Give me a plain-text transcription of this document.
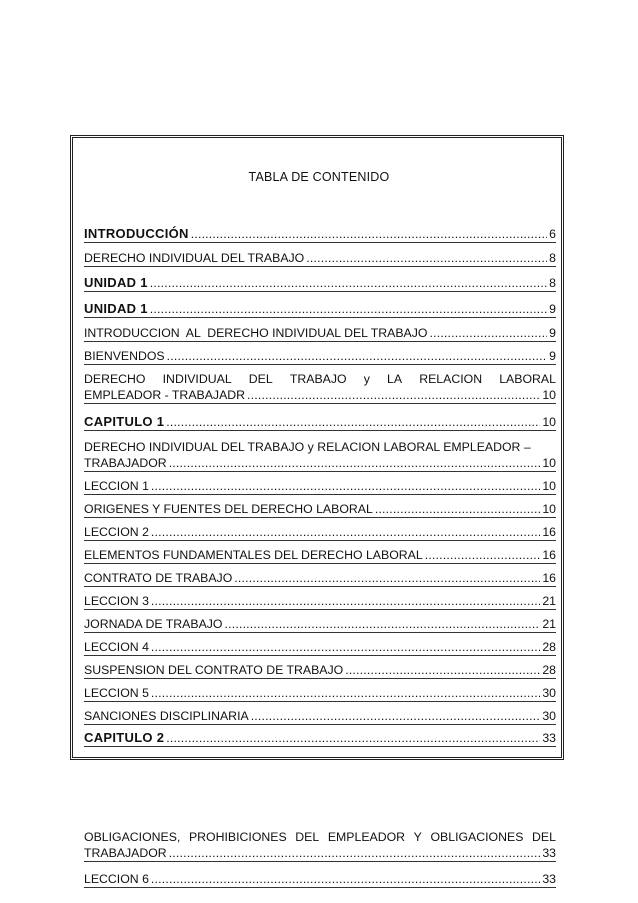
TABLA DE CONTENIDO
INTRODUCCIÓN .....	6
DERECHO INDIVIDUAL DEL TRABAJO .....	8
UNIDAD 1 .....	8
UNIDAD 1 .....	9
INTRODUCCION  AL  DERECHO INDIVIDUAL DEL TRABAJO .....	9
BIENVENDOS .....	9
DERECHO INDIVIDUAL DEL TRABAJO y LA RELACION LABORAL
EMPLEADOR - TRABAJADR .....	10
CAPITULO 1 .....	10
DERECHO INDIVIDUAL DEL TRABAJO y RELACION LABORAL EMPLEADOR –
TRABAJADOR .....	10
LECCION 1 .....	10
ORIGENES Y FUENTES DEL DERECHO LABORAL .....	10
LECCION 2 .....	16
ELEMENTOS FUNDAMENTALES DEL DERECHO LABORAL .....	16
CONTRATO DE TRABAJO .....	16
LECCION 3 .....	21
JORNADA DE TRABAJO .....	21
LECCION 4 .....	28
SUSPENSION DEL CONTRATO DE TRABAJO .....	28
LECCION 5 .....	30
SANCIONES DISCIPLINARIA .....	30
CAPITULO 2 .....	33
OBLIGACIONES, PROHIBICIONES DEL EMPLEADOR Y OBLIGACIONES DEL
TRABAJADOR .....	33
LECCION 6 .....	33
